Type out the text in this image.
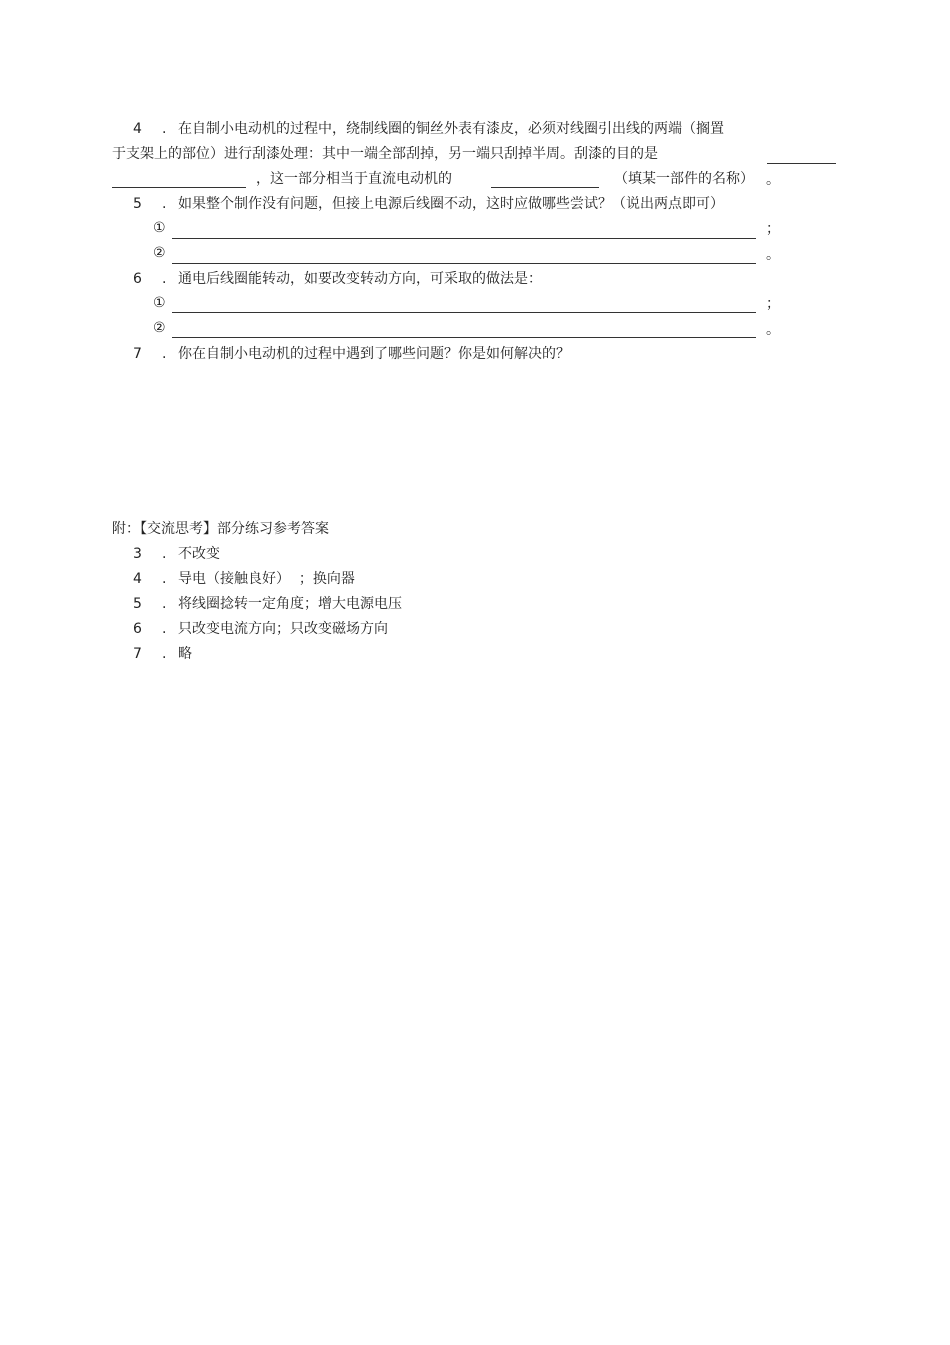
4 . 在自制小电动机的过程中，绕制线圈的铜丝外表有漆皮，必须对线圈引出线的两端（搁置
于支架上的部位）进行刮漆处理：其中一端全部刮掉，另一端只刮掉半周。刮漆的目的是
，这一部分相当于直流电动机的	（填某一部件的名称） 。
5 . 如果整个制作没有问题，但接上电源后线圈不动，这时应做哪些尝试？（说出两点即可）
①	；
②	。
6 . 通电后线圈能转动，如要改变转动方向，可采取的做法是：
①	；
②	。
7 . 你在自制小电动机的过程中遇到了哪些问题？你是如何解决的？
附：【交流思考】部分练习参考答案
3 . 不改变
4 . 导电（接触良好）  ；换向器
5 . 将线圈捻转一定角度；增大电源电压
6 . 只改变电流方向；只改变磁场方向
7 . 略
